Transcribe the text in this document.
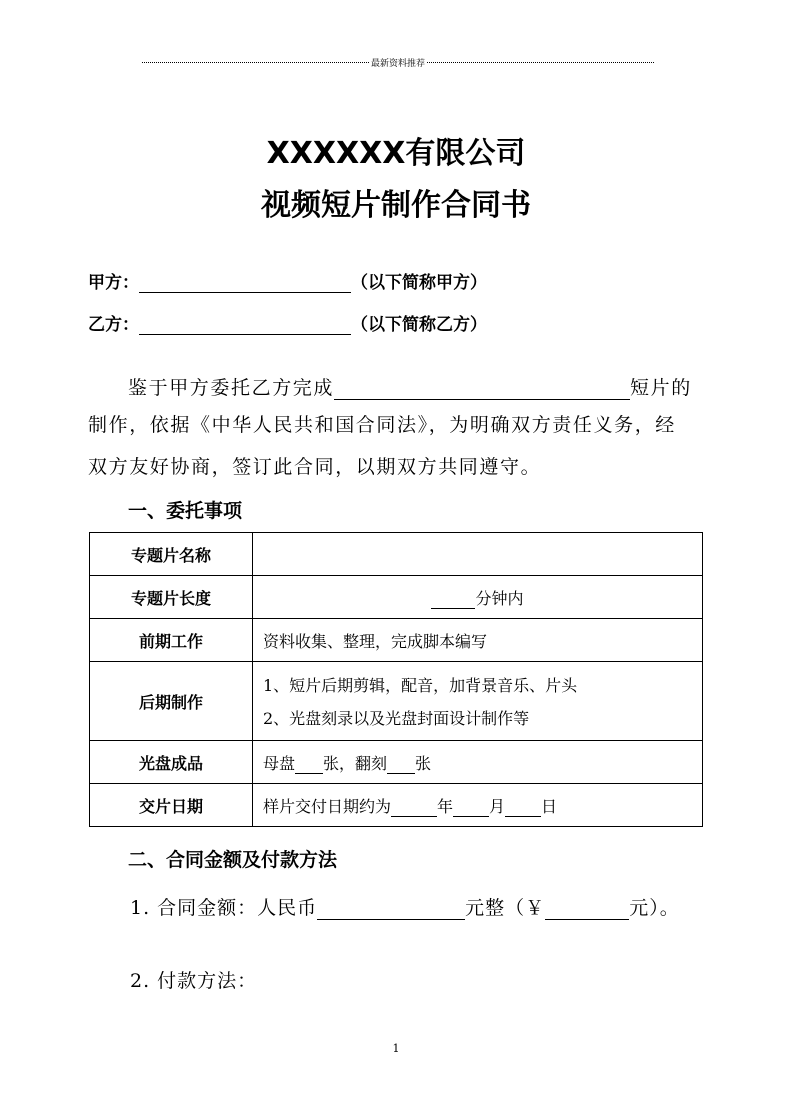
最新资料推荐
XXXXXX有限公司
视频短片制作合同书
甲方：	（以下简称甲方）
乙方：	（以下简称乙方）
鉴于甲方委托乙方完成	短片的
制作，依据《中华人民共和国合同法》，为明确双方责任义务，经
双方友好协商，签订此合同，以期双方共同遵守。
一、委托事项
专题片名称	
专题片长度	分钟内
前期工作	资料收集、整理，完成脚本编写
后期制作	1、短片后期剪辑，配音，加背景音乐、片头
2、光盘刻录以及光盘封面设计制作等

光盘成品	母盘 张，翻刻 张
交片日期	样片交付日期约为 年 月 日
二、合同金额及付款方法
1. 合同金额：人民币	元整（￥	元）。
2. 付款方法：
1
